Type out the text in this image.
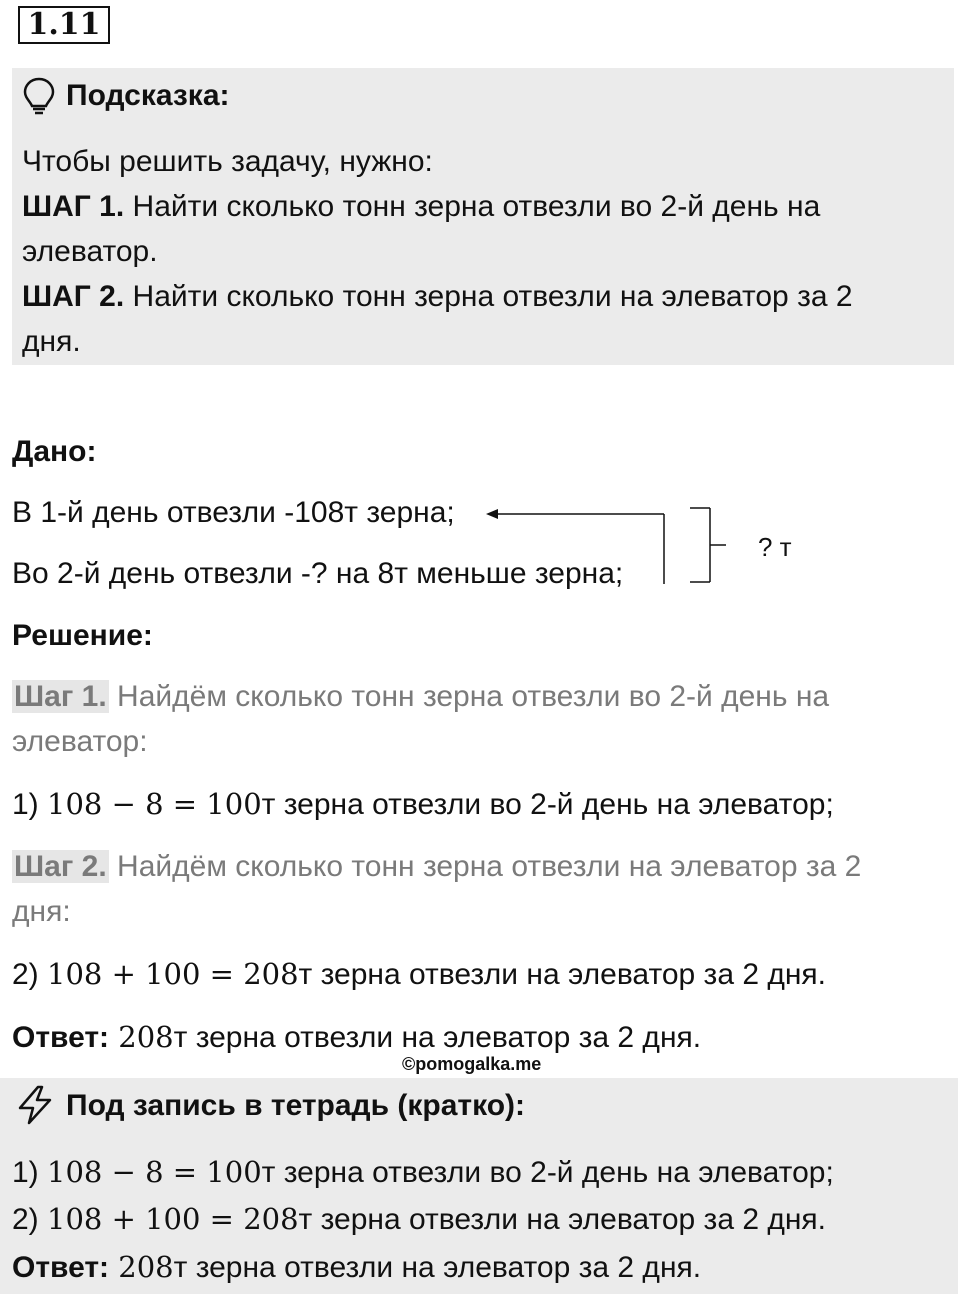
1.11
Подсказка:
Чтобы решить задачу, нужно:
ШАГ 1. Найти сколько тонн зерна отвезли во 2-й день на
элеватор.
ШАГ 2. Найти сколько тонн зерна отвезли на элеватор за 2
дня.
Дано:
В 1-й день отвезли -108т зерна;
Во 2-й день отвезли -? на 8т меньше зерна;
? т
Решение:
Шаг 1. Найдём сколько тонн зерна отвезли во 2-й день на
элеватор:
1) 108 − 8 = 100т зерна отвезли во 2-й день на элеватор;
Шаг 2. Найдём сколько тонн зерна отвезли на элеватор за 2
дня:
2) 108 + 100 = 208т зерна отвезли на элеватор за 2 дня.
Ответ: 208т зерна отвезли на элеватор за 2 дня.
©pomogalka.me
Под запись в тетрадь (кратко):
1) 108 − 8 = 100т зерна отвезли во 2-й день на элеватор;
2) 108 + 100 = 208т зерна отвезли на элеватор за 2 дня.
Ответ: 208т зерна отвезли на элеватор за 2 дня.
